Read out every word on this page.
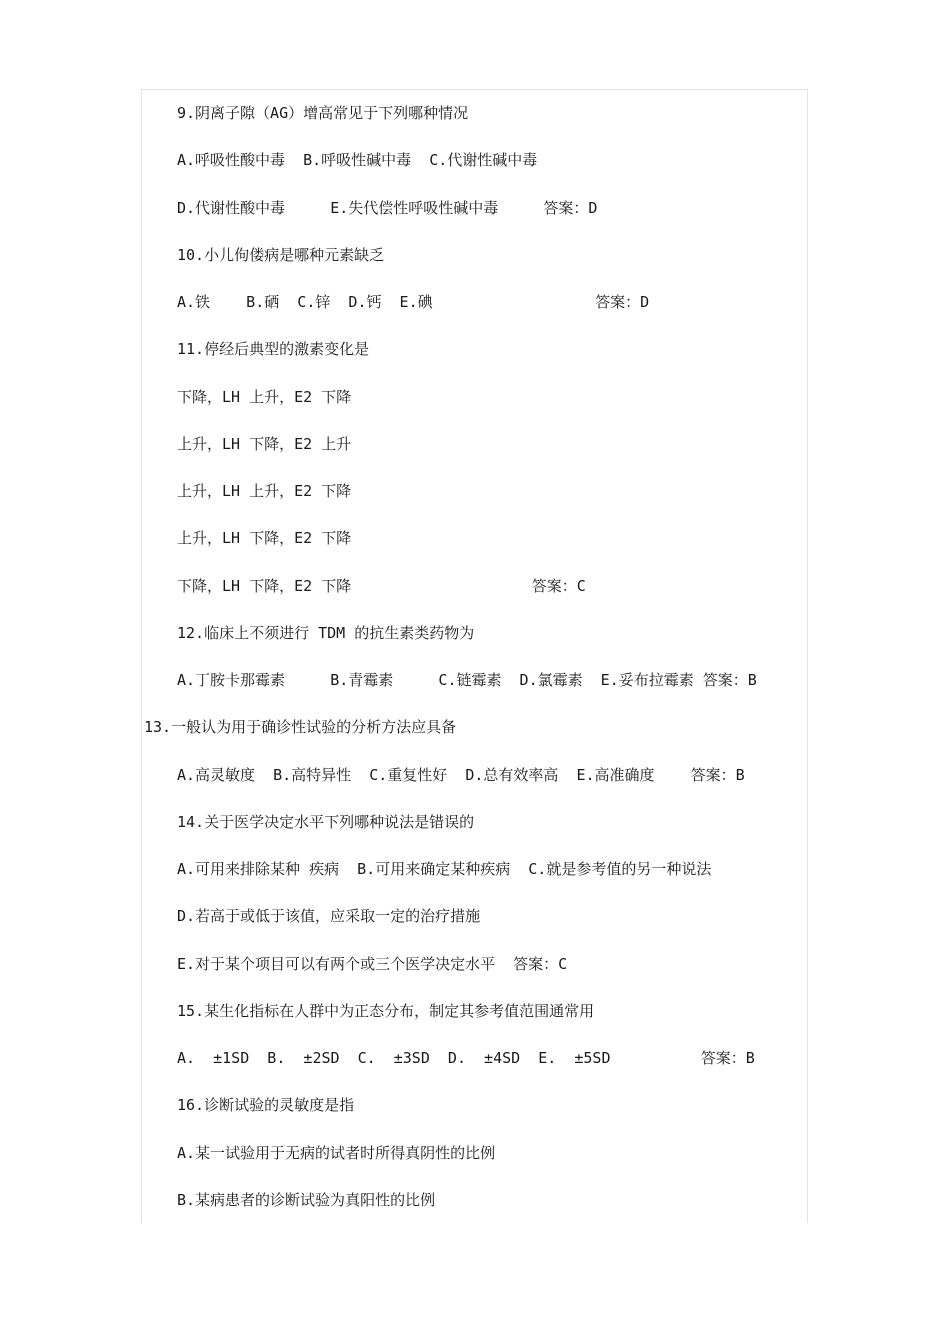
9.阴离子隙（AG）增高常见于下列哪种情况

A.呼吸性酸中毒  B.呼吸性碱中毒  C.代谢性碱中毒

D.代谢性酸中毒     E.失代偿性呼吸性碱中毒     答案：D

10.小儿佝偻病是哪种元素缺乏

A.铁    B.硒  C.锌  D.钙  E.碘                  答案：D

11.停经后典型的激素变化是

下降，LH 上升，E2 下降

上升，LH 下降，E2 上升

上升，LH 上升，E2 下降

上升，LH 下降，E2 下降

下降，LH 下降，E2 下降                    答案：C

12.临床上不须进行 TDM 的抗生素类药物为

A.丁胺卡那霉素     B.青霉素     C.链霉素  D.氯霉素  E.妥布拉霉素 答案：B

13.一般认为用于确诊性试验的分析方法应具备

A.高灵敏度  B.高特异性  C.重复性好  D.总有效率高  E.高准确度    答案：B

14.关于医学决定水平下列哪种说法是错误的

A.可用来排除某种 疾病  B.可用来确定某种疾病  C.就是参考值的另一种说法

D.若高于或低于该值，应采取一定的治疗措施

E.对于某个项目可以有两个或三个医学决定水平  答案：C

15.某生化指标在人群中为正态分布，制定其参考值范围通常用

A.  ±1SD  B.  ±2SD  C.  ±3SD  D.  ±4SD  E.  ±5SD          答案：B

16.诊断试验的灵敏度是指

A.某一试验用于无病的试者时所得真阴性的比例

B.某病患者的诊断试验为真阳性的比例
